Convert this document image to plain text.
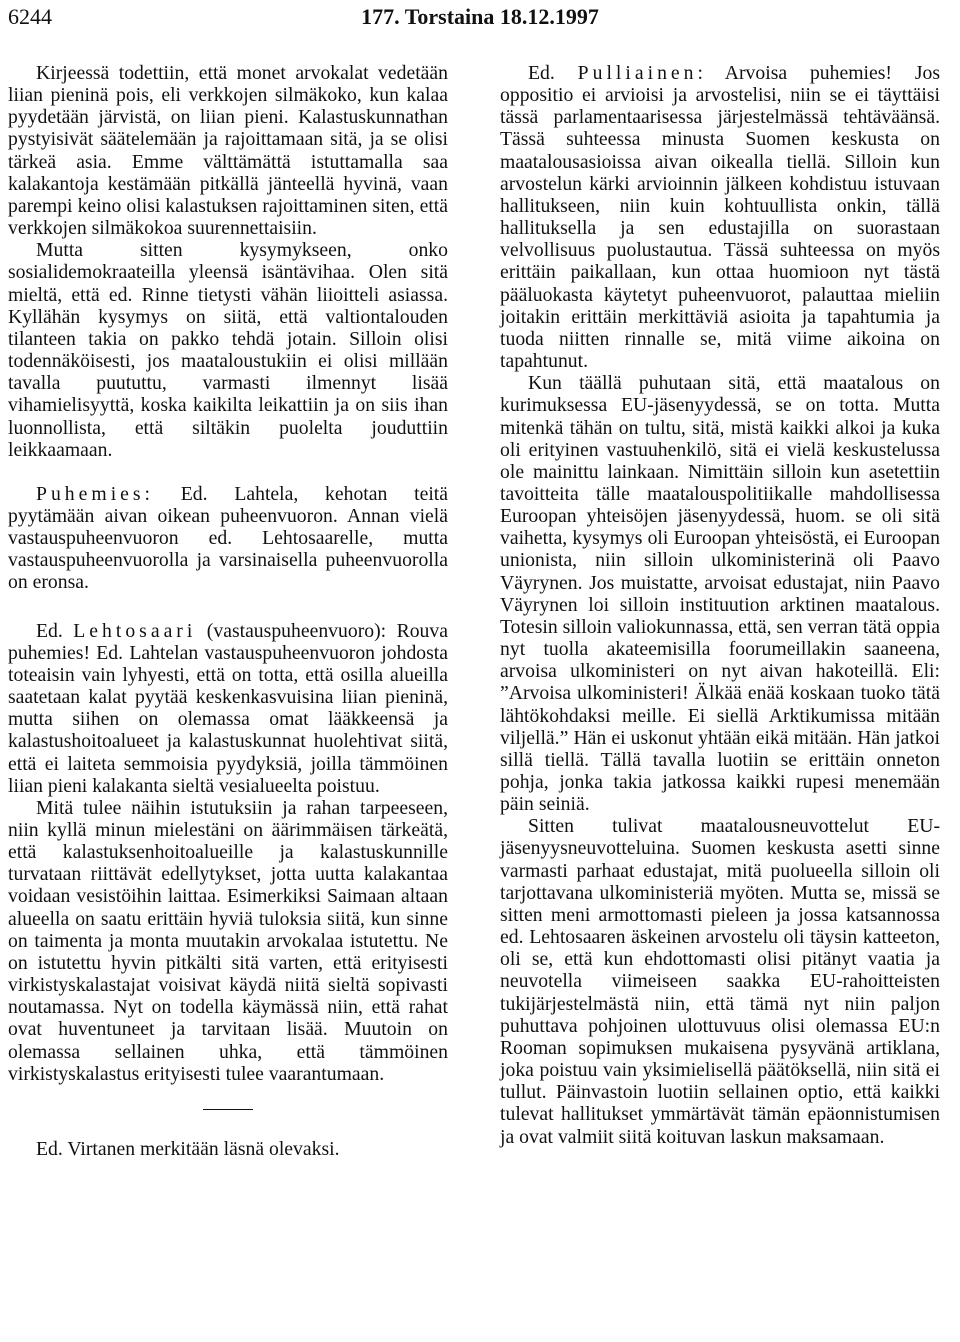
6244	177. Torstaina 18.12.1997

Kirjeessä todettiin, että monet arvokalat vedetään liian pieninä pois, eli verkkojen silmäkoko, kun kalaa pyydetään järvistä, on liian pieni. Kalastuskunnathan pystyisivät säätelemään ja rajoittamaan sitä, ja se olisi tärkeä asia. Emme välttämättä istuttamalla saa kalakantoja kestämään pitkällä jänteellä hyvinä, vaan parempi keino olisi kalastuksen rajoittaminen siten, että verkkojen silmäkokoa suurennettaisiin.

Mutta sitten kysymykseen, onko sosialidemokraateilla yleensä isäntävihaa. Olen sitä mieltä, että ed. Rinne tietysti vähän liioitteli asiassa. Kyllähän kysymys on siitä, että valtiontalouden tilanteen takia on pakko tehdä jotain. Silloin olisi todennäköisesti, jos maataloustukiin ei olisi millään tavalla puututtu, varmasti ilmennyt lisää vihamielisyyttä, koska kaikilta leikattiin ja on siis ihan luonnollista, että siltäkin puolelta jouduttiin leikkaamaan.

Puhemies: Ed. Lahtela, kehotan teitä pyytämään aivan oikean puheenvuoron. Annan vielä vastauspuheenvuoron ed. Lehtosaarelle, mutta vastauspuheenvuorolla ja varsinaisella puheenvuorolla on eronsa.

Ed. Lehtosaari (vastauspuheenvuoro): Rouva puhemies! Ed. Lahtelan vastauspuheenvuoron johdosta toteaisin vain lyhyesti, että on totta, että osilla alueilla saatetaan kalat pyytää keskenkasvuisina liian pieninä, mutta siihen on olemassa omat lääkkeensä ja kalastushoitoalueet ja kalastuskunnat huolehtivat siitä, että ei laiteta semmoisia pyydyksiä, joilla tämmöinen liian pieni kalakanta sieltä vesialueelta poistuu.

Mitä tulee näihin istutuksiin ja rahan tarpeeseen, niin kyllä minun mielestäni on äärimmäisen tärkeätä, että kalastuksenhoitoalueille ja kalastuskunnille turvataan riittävät edellytykset, jotta uutta kalakantaa voidaan vesistöihin laittaa. Esimerkiksi Saimaan altaan alueella on saatu erittäin hyviä tuloksia siitä, kun sinne on taimenta ja monta muutakin arvokalaa istutettu. Ne on istutettu hyvin pitkälti sitä varten, että erityisesti virkistyskalastajat voisivat käydä niitä sieltä sopivasti noutamassa. Nyt on todella käymässä niin, että rahat ovat huventuneet ja tarvitaan lisää. Muutoin on olemassa sellainen uhka, että tämmöinen virkistyskalastus erityisesti tulee vaarantumaan.

Ed. Virtanen merkitään läsnä olevaksi.

Ed. Pulliainen: Arvoisa puhemies! Jos oppositio ei arvioisi ja arvostelisi, niin se ei täyttäisi tässä parlamentaarisessa järjestelmässä tehtäväänsä. Tässä suhteessa minusta Suomen keskusta on maatalousasioissa aivan oikealla tiellä. Silloin kun arvostelun kärki arvioinnin jälkeen kohdistuu istuvaan hallitukseen, niin kuin kohtuullista onkin, tällä hallituksella ja sen edustajilla on suorastaan velvollisuus puolustautua. Tässä suhteessa on myös erittäin paikallaan, kun ottaa huomioon nyt tästä pääluokasta käytetyt puheenvuorot, palauttaa mieliin joitakin erittäin merkittäviä asioita ja tapahtumia ja tuoda niitten rinnalle se, mitä viime aikoina on tapahtunut.

Kun täällä puhutaan sitä, että maatalous on kurimuksessa EU-jäsenyydessä, se on totta. Mutta mitenkä tähän on tultu, sitä, mistä kaikki alkoi ja kuka oli erityinen vastuuhenkilö, sitä ei vielä keskustelussa ole mainittu lainkaan. Nimittäin silloin kun asetettiin tavoitteita tälle maatalouspolitiikalle mahdollisessa Euroopan yhteisöjen jäsenyydessä, huom. se oli sitä vaihetta, kysymys oli Euroopan yhteisöstä, ei Euroopan unionista, niin silloin ulkoministerinä oli Paavo Väyrynen. Jos muistatte, arvoisat edustajat, niin Paavo Väyrynen loi silloin instituution arktinen maatalous. Totesin silloin valiokunnassa, että, sen verran tätä oppia nyt tuolla akateemisilla foorumeillakin saaneena, arvoisa ulkoministeri on nyt aivan hakoteillä. Eli: ”Arvoisa ulkoministeri! Älkää enää koskaan tuoko tätä lähtökohdaksi meille. Ei siellä Arktikumissa mitään viljellä.” Hän ei uskonut yhtään eikä mitään. Hän jatkoi sillä tiellä. Tällä tavalla luotiin se erittäin onneton pohja, jonka takia jatkossa kaikki rupesi menemään päin seiniä.

Sitten tulivat maatalousneuvottelut EU-jäsenyysneuvotteluina. Suomen keskusta asetti sinne varmasti parhaat edustajat, mitä puolueella silloin oli tarjottavana ulkoministeriä myöten. Mutta se, missä se sitten meni armottomasti pieleen ja jossa katsannossa ed. Lehtosaaren äskeinen arvostelu oli täysin katteeton, oli se, että kun ehdottomasti olisi pitänyt vaatia ja neuvotella viimeiseen saakka EU-rahoitteisten tukijärjestelmästä niin, että tämä nyt niin paljon puhuttava pohjoinen ulottuvuus olisi olemassa EU:n Rooman sopimuksen mukaisena pysyvänä artiklana, joka poistuu vain yksimielisellä päätöksellä, niin sitä ei tullut. Päinvastoin luotiin sellainen optio, että kaikki tulevat hallitukset ymmärtävät tämän epäonnistumisen ja ovat valmiit siitä koituvan laskun maksamaan.
